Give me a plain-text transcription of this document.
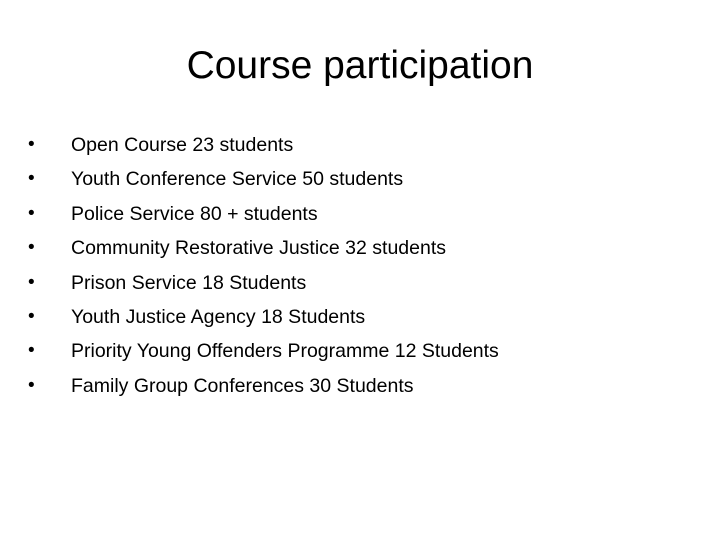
Course participation
•	Open Course 23 students
•	Youth Conference Service 50 students
•	Police Service 80 + students
•	Community Restorative Justice 32 students
•	Prison Service 18 Students
•	Youth Justice Agency 18 Students
•	Priority Young Offenders Programme 12 Students
•	Family Group Conferences 30 Students
